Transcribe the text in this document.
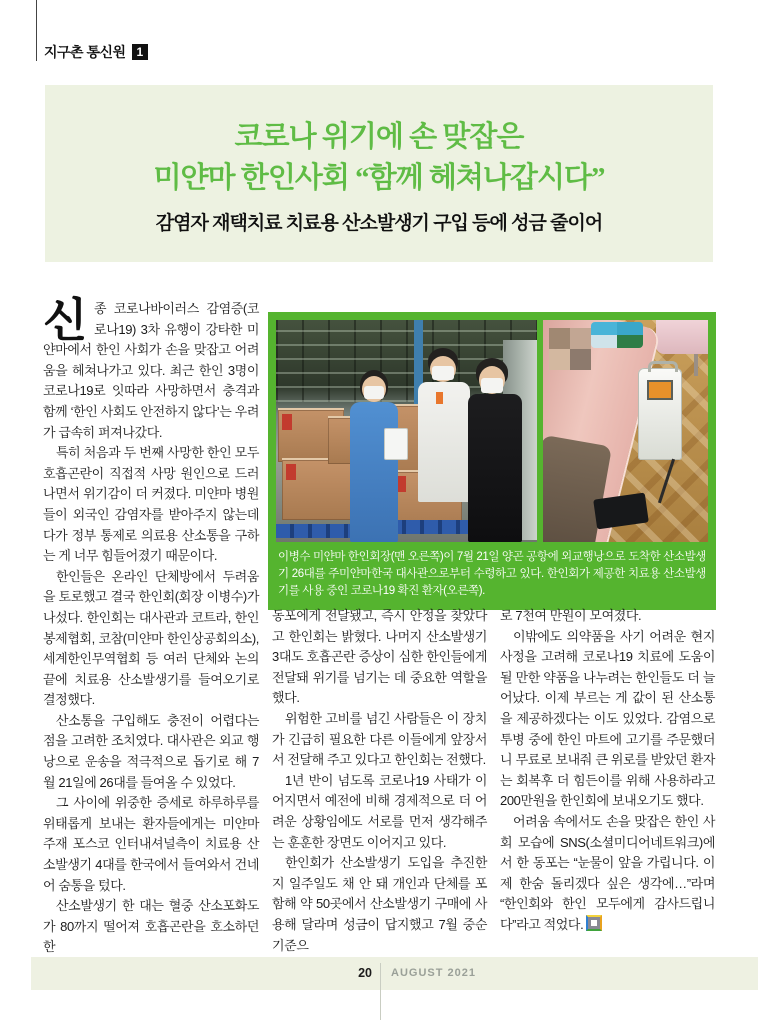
지구촌 통신원 1
코로나 위기에 손 맞잡은
미얀마 한인사회 “함께 헤쳐나갑시다”
감염자 재택치료 치료용 산소발생기 구입 등에 성금 줄이어

신종 코로나바이러스 감염증(코로나19) 3차 유행이 강타한 미얀마에서 한인 사회가 손을 맞잡고 어려움을 헤쳐나가고 있다. 최근 한인 3명이 코로나19로 잇따라 사망하면서 충격과 함께 ‘한인 사회도 안전하지 않다’는 우려가 급속히 퍼져나갔다.

특히 처음과 두 번째 사망한 한인 모두 호흡곤란이 직접적 사망 원인으로 드러나면서 위기감이 더 커졌다. 미얀마 병원들이 외국인 감염자를 받아주지 않는데다가 정부 통제로 의료용 산소통을 구하는 게 너무 힘들어졌기 때문이다.

한인들은 온라인 단체방에서 두려움을 토로했고 결국 한인회(회장 이병수)가 나섰다. 한인회는 대사관과 코트라, 한인 봉제협회, 코참(미얀마 한인상공회의소), 세계한인무역협회 등 여러 단체와 논의 끝에 치료용 산소발생기를 들여오기로 결정했다.

산소통을 구입해도 충전이 어렵다는 점을 고려한 조치였다. 대사관은 외교 행낭으로 운송을 적극적으로 돕기로 해 7월 21일에 26대를 들여올 수 있었다.

그 사이에 위중한 증세로 하루하루를 위태롭게 보내는 환자들에게는 미얀마 주재 포스코 인터내셔널측이 치료용 산소발생기 4대를 한국에서 들여와서 건네어 숨통을 텄다.

산소발생기 한 대는 혈중 산소포화도가 80까지 떨어져 호흡곤란을 호소하던 한

이병수 미얀마 한인회장(맨 오른쪽)이 7월 21일 양곤 공항에 외교행낭으로 도착한 산소발생기 26대를 주미얀마한국 대사관으로부터 수령하고 있다. 한인회가 제공한 치료용 산소발생기를 사용 중인 코로나19 확진 환자(오른쪽).

동포에게 전달됐고, 즉시 안정을 찾았다고 한인회는 밝혔다. 나머지 산소발생기 3대도 호흡곤란 증상이 심한 한인들에게 전달돼 위기를 넘기는 데 중요한 역할을 했다.

위험한 고비를 넘긴 사람들은 이 장치가 긴급히 필요한 다른 이들에게 앞장서서 전달해 주고 있다고 한인회는 전했다.

1년 반이 넘도록 코로나19 사태가 이어지면서 예전에 비해 경제적으로 더 어려운 상황임에도 서로를 먼저 생각해주는 훈훈한 장면도 이어지고 있다.

한인회가 산소발생기 도입을 추진한 지 일주일도 채 안 돼 개인과 단체를 포함해 약 50곳에서 산소발생기 구매에 사용해 달라며 성금이 답지했고 7월 중순 기준으

로 7천여 만원이 모여졌다.

이밖에도 의약품을 사기 어려운 현지 사정을 고려해 코로나19 치료에 도움이 될 만한 약품을 나누려는 한인들도 더 늘어났다. 이제 부르는 게 값이 된 산소통을 제공하겠다는 이도 있었다. 감염으로 투병 중에 한인 마트에 고기를 주문했더니 무료로 보내줘 큰 위로를 받았던 환자는 회복후 더 힘든이를 위해 사용하라고 200만원을 한인회에 보내오기도 했다.

어려움 속에서도 손을 맞잡은 한인 사회 모습에 SNS(소셜미디어네트워크)에서 한 동포는 “눈물이 앞을 가립니다. 이제 한숨 돌리겠다 싶은 생각에…”라며 “한인회와 한인 모두에게 감사드립니다”라고 적었다.

20 AUGUST 2021
